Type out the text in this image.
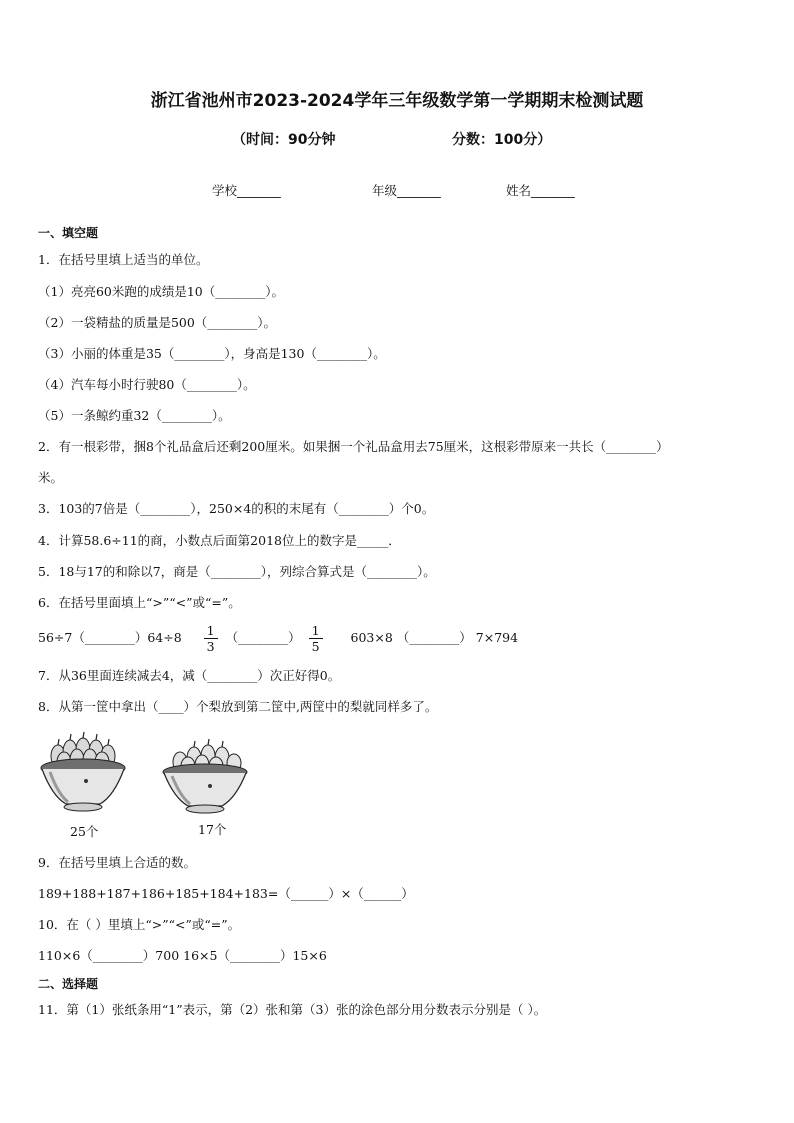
浙江省池州市2023-2024学年三年级数学第一学期期末检测试题
（时间：90分钟	分数：100分）
学校_______	年级_______	姓名_______
一、填空题
1．在括号里填上适当的单位。
（1）亮亮60米跑的成绩是10（________）。
（2）一袋精盐的质量是500（________）。
（3）小丽的体重是35（________），身高是130（________）。
（4）汽车每小时行驶80（________）。
（5）一条鲸约重32（________）。
2．有一根彩带，捆8个礼品盒后还剩200厘米。如果捆一个礼品盒用去75厘米，这根彩带原来一共长（________）
米。
3．103的7倍是（________），250×4的积的末尾有（________）个0。
4．计算58.6÷11的商，小数点后面第2018位上的数字是_____．
5．18与17的和除以7，商是（________），列综合算式是（________）。
6．在括号里面填上“>”“<”或“=”。
56÷7（________）64÷8 $\frac{1}{3}$ （________） $\frac{1}{5} 603\times 8$ （________） 7×794
7．从36里面连续减去4，减（________）次正好得0。
8．从第一筐中拿出（____）个梨放到第二筐中,两筐中的梨就同样多了。
25个	17个
9．在括号里填上合适的数。
189+188+187+186+185+184+183=（______）×（______）
10．在（ ）里填上“>”“<”或“=”。
110×6（________）700 16×5（________）15×6
二、选择题
11．第（1）张纸条用“1”表示，第（2）张和第（3）张的涂色部分用分数表示分别是（ ）。
